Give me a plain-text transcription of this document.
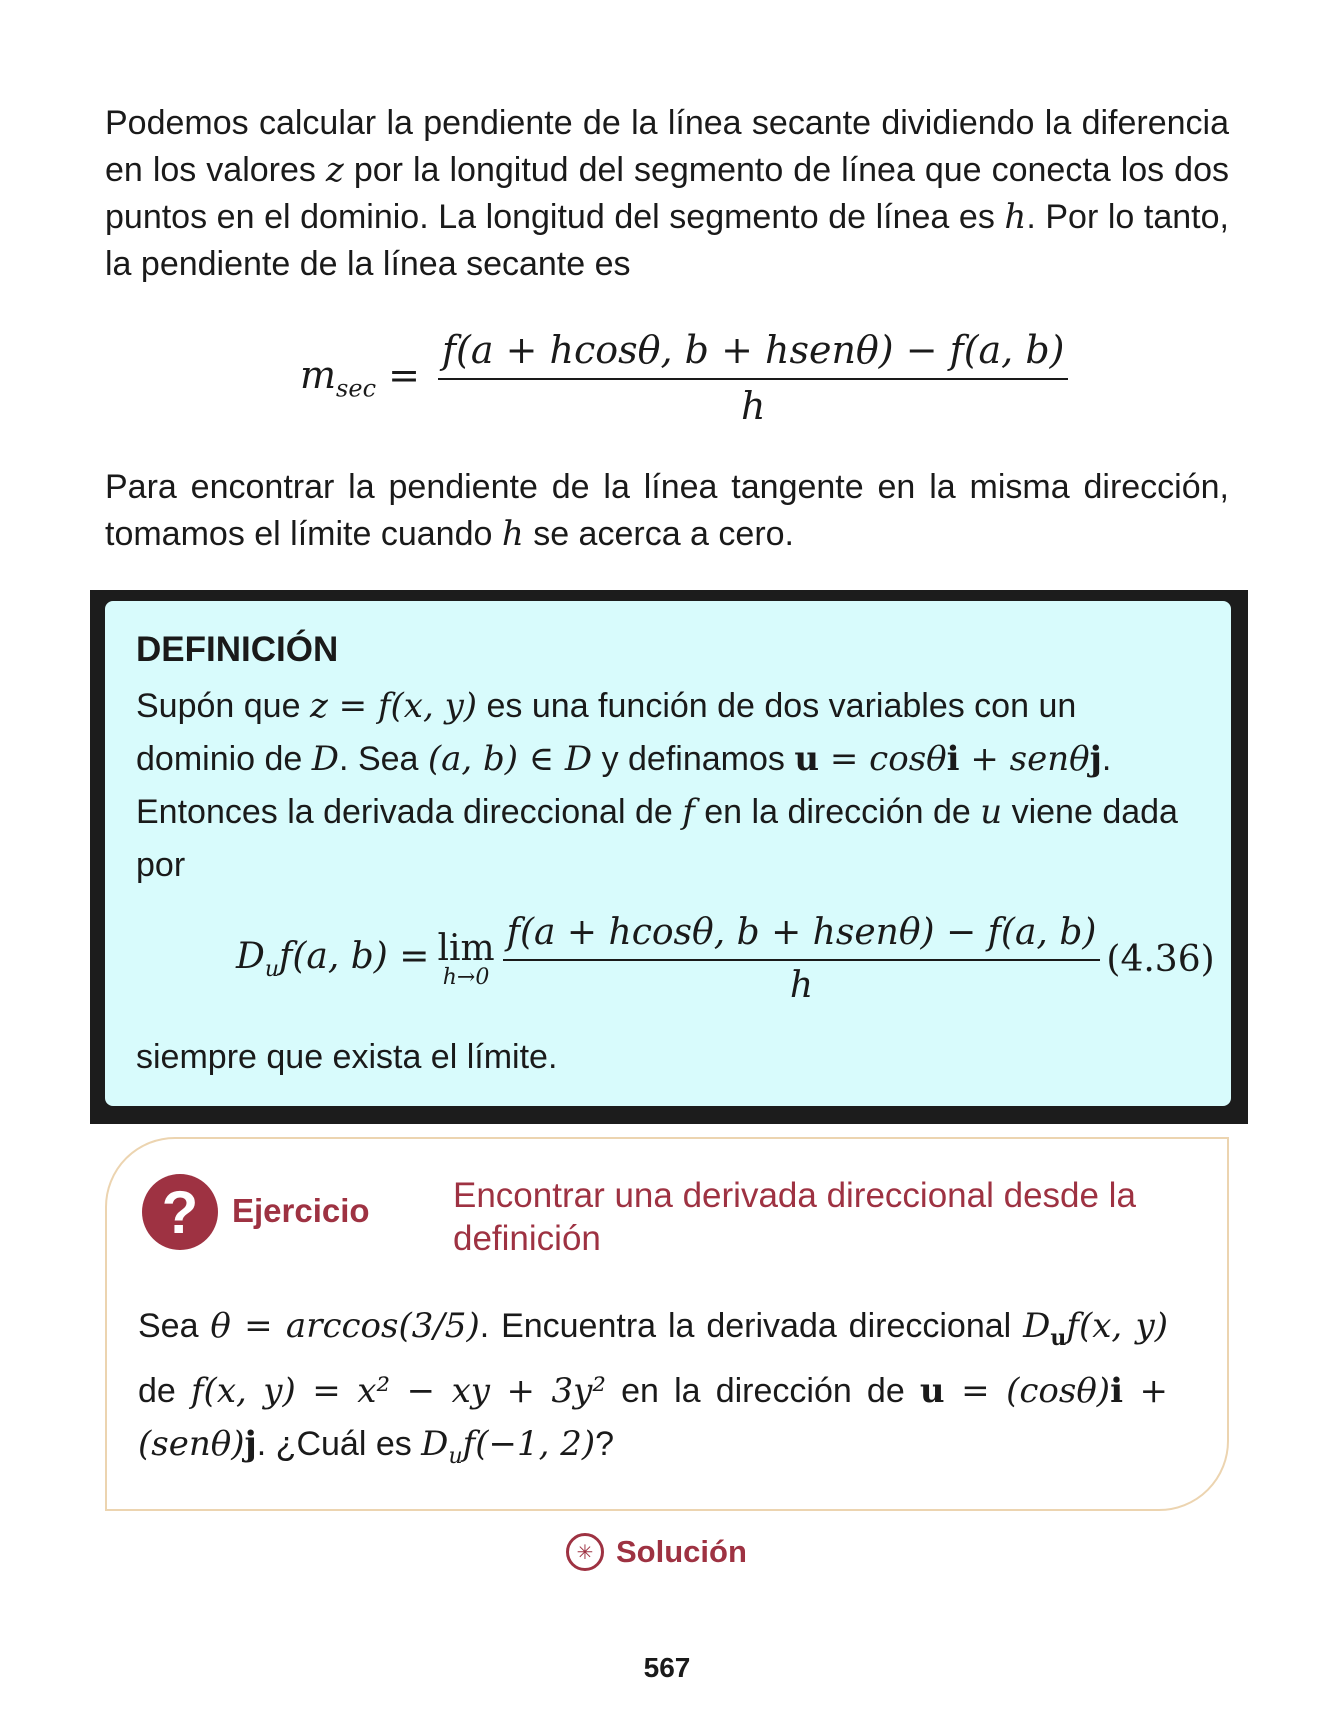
Podemos calcular la pendiente de la línea secante dividiendo la diferencia en los valores z por la longitud del segmento de línea que conecta los dos puntos en el dominio. La longitud del segmento de línea es h. Por lo tanto, la pendiente de la línea secante es

$m_{sec} = \frac{\text{f(a + hcosθ, b + hsenθ) − f(a, b)}}{h}$

Para encontrar la pendiente de la línea tangente en la misma dirección, tomamos el límite cuando h se acerca a cero.

DEFINICIÓN

Supón que z = f(x, y) es una función de dos variables con un dominio de D. Sea (a, b) ∈ D y definamos u = cosθi + senθj. Entonces la derivada direccional de f en la dirección de u viene dada por

$D_uf(a$, b) = lim
$h\to 0 \frac{\text{f(a + hcosθ, b + hsenθ) − f(a, b)}}{h} (4.36)$

siempre que exista el límite.

?	Ejercicio Encontrar una derivada direccional desde la definición

Sea θ = arccos(3/5). Encuentra la derivada direccional $D_uf(x$, y) de f(x, y) = x² − xy + 3y² en la dirección de u = (cosθ)i + (senθ)j. ¿Cuál es $D_uf(-1$, 2)?

✳ Solución

567
